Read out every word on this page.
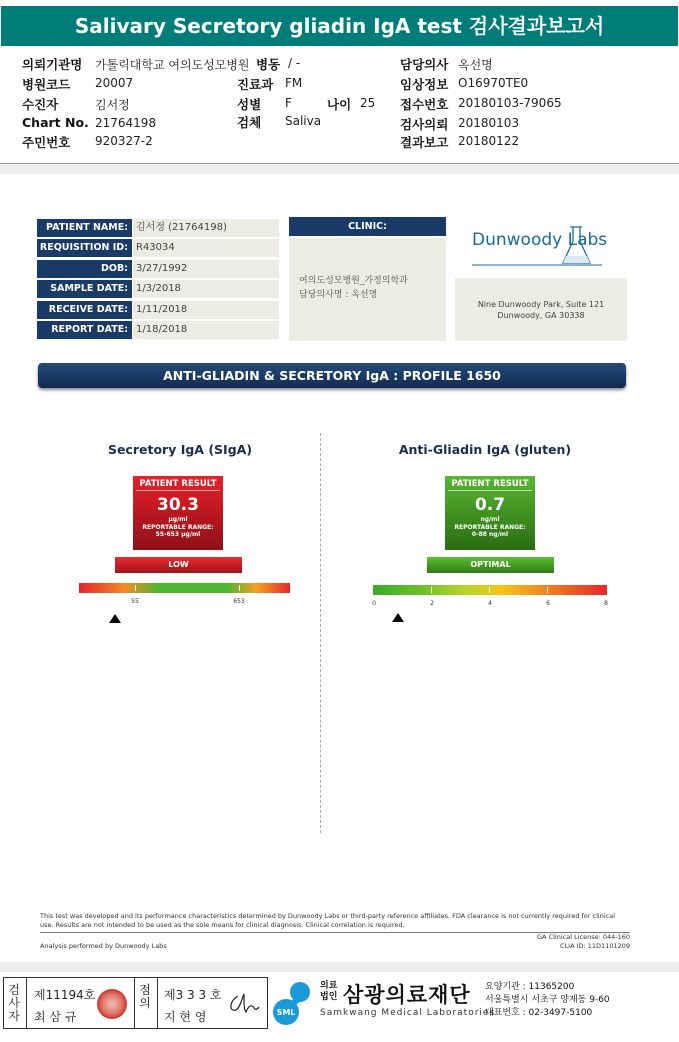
Salivary Secretory gliadin IgA test 검사결과보고서
의뢰기관명 가톨릭대학교 여의도성모병원
병원코드 20007
수진자	김서정
Chart No. 21764198
주민번호 920327-2
병동 / -
진료과 FM
성별 F	나이 25
검체 Saliva
담당의사 옥선명
임상정보 O16970TE0
접수번호 20180103-79065
검사의뢰 20180103
결과보고 20180122
PATIENT NAME: 김서정 (21764198)
REQUISITION ID: R43034
DOB: 3/27/1992
SAMPLE DATE: 1/3/2018
RECEIVE DATE: 1/11/2018
REPORT DATE: 1/18/2018
CLINIC:
여의도성모병원_가정의학과
담당의사명 : 옥선명
Dunwoody Labs
Nine Dunwoody Park, Suite 121
Dunwoody, GA 30338
ANTI-GLIADIN & SECRETORY IgA : PROFILE 1650
Secretory IgA (SIgA)
PATIENT RESULT
30.3
μg/ml
REPORTABLE RANGE:
55-653 μg/ml
LOW
55	653
Anti-Gliadin IgA (gluten)
PATIENT RESULT
0.7
ng/ml
REPORTABLE RANGE:
0-88 ng/ml
OPTIMAL
0	2	4	6	8
This test was developed and its performance characteristics determined by Dunwoody Labs or third-party reference affiliates. FDA clearance is not currently required for clinical use. Results are not intended to be used as the sole means for clinical diagnosis. Clinical correlation is required.
GA Clinical License: 044-160
CLIA ID: 11D1101209
Analysis performed by Dunwoody Labs
검사자
제11194호
최 삼 규
점의
제3 3 3 호
지 현 영	SML
의료
법인 삼광의료재단
Samkwang Medical Laboratories
요양기관 : 11365200
서울특별시 서초구 양재동 9-60
대표번호 : 02-3497-5100
